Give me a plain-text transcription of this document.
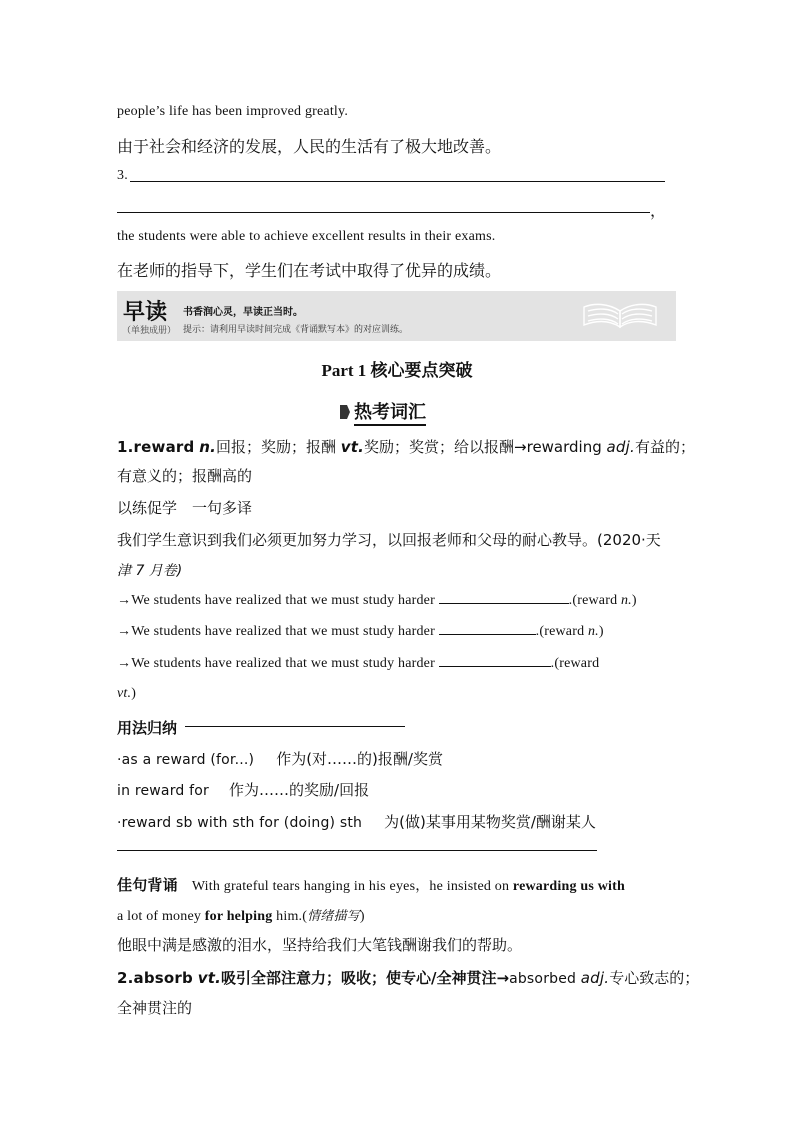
people’s life has been improved greatly.
由于社会和经济的发展，人民的生活有了极大地改善。
3.
，
the students were able to achieve excellent results in their exams.
在老师的指导下，学生们在考试中取得了优异的成绩。
早读 书香润心灵，早读正当时。
（单独成册） 提示：请利用早读时间完成《背诵默写本》的对应训练。
Part 1 核心要点突破
热考词汇
1.reward n.回报；奖励；报酬 vt.奖励；奖赏；给以报酬→rewarding adj.有益的；
有意义的；报酬高的
以练促学　一句多译
我们学生意识到我们必须更加努力学习，以回报老师和父母的耐心教导。(2020·天
津 7 月卷)
→We students have realized that we must study harder	.(reward n.)
→We students have realized that we must study harder	.(reward n.)
→We students have realized that we must study harder	.(reward
vt.)
用法归纳
·as a reward (for...) 作为(对……的)报酬/奖赏
in reward for 作为……的奖励/回报
·reward sb with sth for (doing) sth 为(做)某事用某物奖赏/酬谢某人
佳句背诵 With grateful tears hanging in his eyes，he insisted on rewarding us with
a lot of money for helping him.(情绪描写)
他眼中满是感激的泪水，坚持给我们大笔钱酬谢我们的帮助。
2.absorb vt.吸引全部注意力；吸收；使专心/全神贯注→absorbed adj.专心致志的；
全神贯注的
